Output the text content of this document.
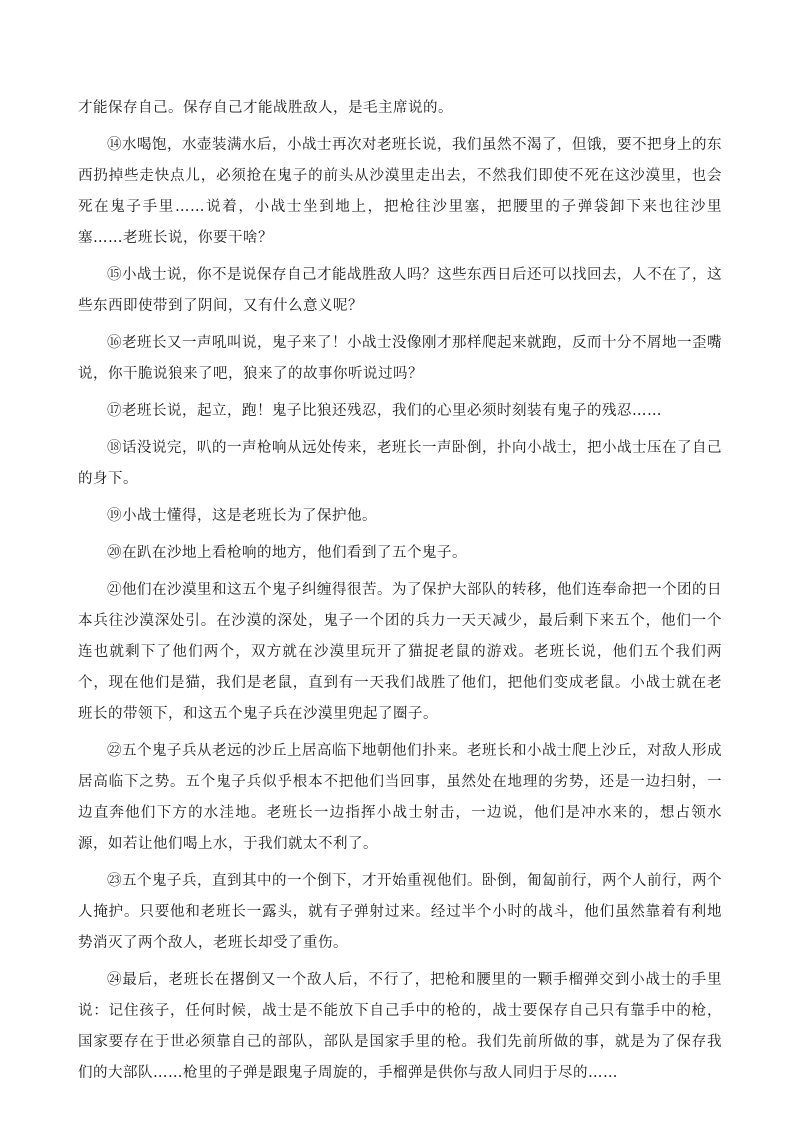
才能保存自己。保存自己才能战胜敌人，是毛主席说的。

⑭水喝饱，水壶装满水后，小战士再次对老班长说，我们虽然不渴了，但饿，要不把身上的东西扔掉些走快点儿，必须抢在鬼子的前头从沙漠里走出去，不然我们即使不死在这沙漠里，也会死在鬼子手里……说着，小战士坐到地上，把枪往沙里塞，把腰里的子弹袋卸下来也往沙里塞……老班长说，你要干啥？

⑮小战士说，你不是说保存自己才能战胜敌人吗？这些东西日后还可以找回去，人不在了，这些东西即使带到了阴间，又有什么意义呢？

⑯老班长又一声吼叫说，鬼子来了！小战士没像刚才那样爬起来就跑，反而十分不屑地一歪嘴说，你干脆说狼来了吧，狼来了的故事你听说过吗？

⑰老班长说，起立，跑！鬼子比狼还残忍，我们的心里必须时刻装有鬼子的残忍……

⑱话没说完，叭的一声枪响从远处传来，老班长一声卧倒，扑向小战士，把小战士压在了自己的身下。

⑲小战士懂得，这是老班长为了保护他。

⑳在趴在沙地上看枪响的地方，他们看到了五个鬼子。

㉑他们在沙漠里和这五个鬼子纠缠得很苦。为了保护大部队的转移，他们连奉命把一个团的日本兵往沙漠深处引。在沙漠的深处，鬼子一个团的兵力一天天减少，最后剩下来五个，他们一个连也就剩下了他们两个，双方就在沙漠里玩开了猫捉老鼠的游戏。老班长说，他们五个我们两个，现在他们是猫，我们是老鼠，直到有一天我们战胜了他们，把他们变成老鼠。小战士就在老班长的带领下，和这五个鬼子兵在沙漠里兜起了圈子。

㉒五个鬼子兵从老远的沙丘上居高临下地朝他们扑来。老班长和小战士爬上沙丘，对敌人形成居高临下之势。五个鬼子兵似乎根本不把他们当回事，虽然处在地理的劣势，还是一边扫射，一边直奔他们下方的水洼地。老班长一边指挥小战士射击，一边说，他们是冲水来的，想占领水源，如若让他们喝上水，于我们就太不利了。

㉓五个鬼子兵，直到其中的一个倒下，才开始重视他们。卧倒，匍匐前行，两个人前行，两个人掩护。只要他和老班长一露头，就有子弹射过来。经过半个小时的战斗，他们虽然靠着有利地势消灭了两个敌人，老班长却受了重伤。

㉔最后，老班长在撂倒又一个敌人后，不行了，把枪和腰里的一颗手榴弹交到小战士的手里说：记住孩子，任何时候，战士是不能放下自己手中的枪的，战士要保存自己只有靠手中的枪，国家要存在于世必须靠自己的部队，部队是国家手里的枪。我们先前所做的事，就是为了保存我们的大部队……枪里的子弹是跟鬼子周旋的，手榴弹是供你与敌人同归于尽的……
